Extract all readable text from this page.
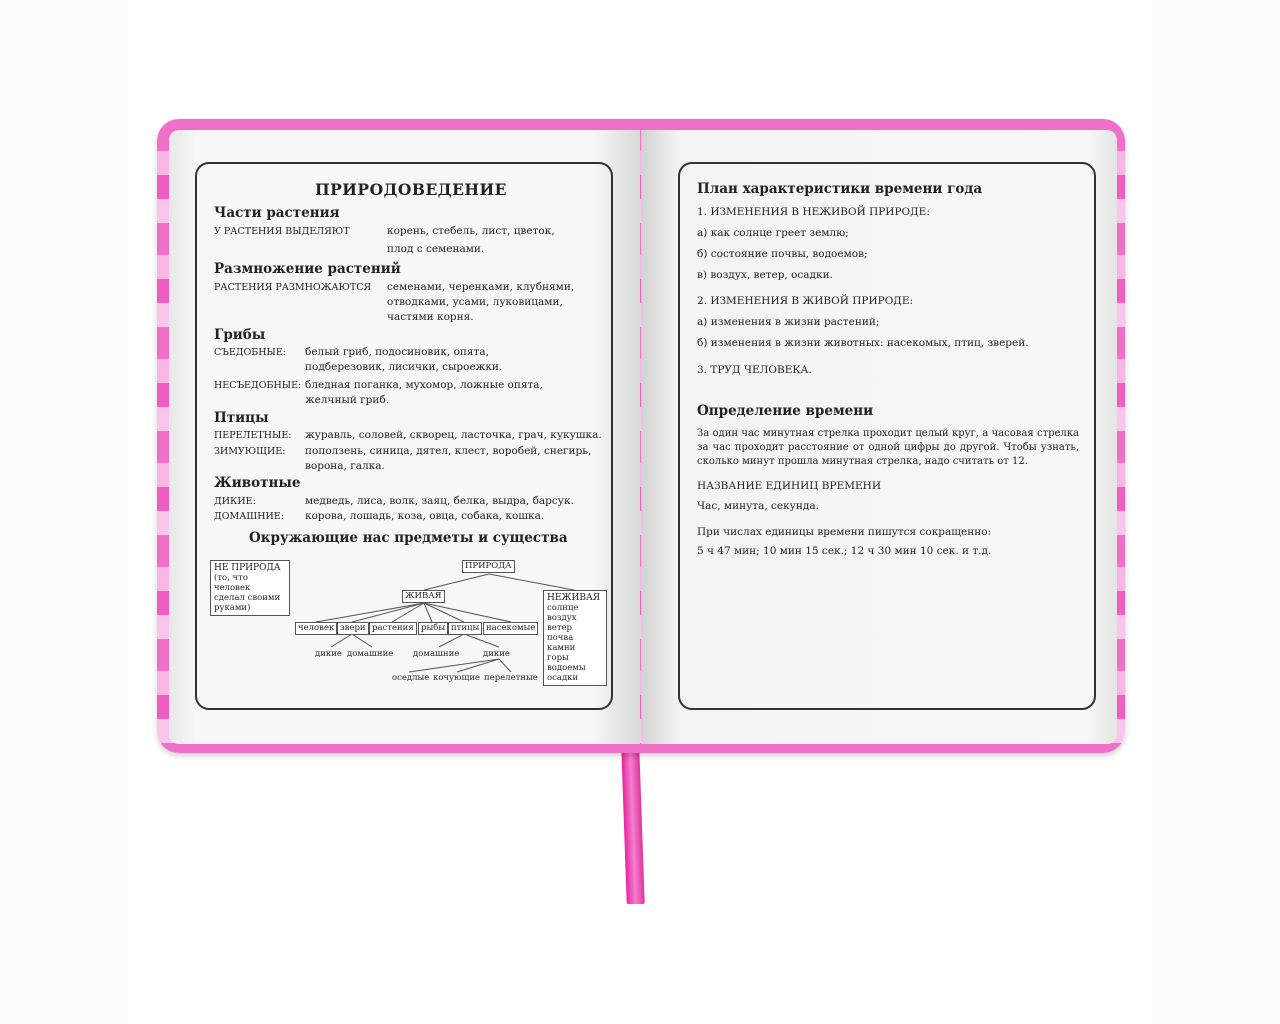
ПРИРОДОВЕДЕНИЕ
Части растения
У РАСТЕНИЯ ВЫДЕЛЯЮТ	корень, стебель, лист, цветок,
плод с семенами.
Размножение растений
РАСТЕНИЯ РАЗМНОЖАЮТСЯ семенами, черенками, клубнями,
отводками, усами, луковицами,
частями корня.
Грибы
СЪЕДОБНЫЕ: белый гриб, подосиновик, опята,
подберезовик, лисички, сыроежки.
НЕСЪЕДОБНЫЕ: бледная поганка, мухомор, ложные опята,
желчный гриб.
Птицы
ПЕРЕЛЕТНЫЕ: журавль, соловей, скворец, ласточка, грач, кукушка.
ЗИМУЮЩИЕ: поползень, синица, дятел, клест, воробей, снегирь,
ворона, галка.
Животные
ДИКИЕ:	медведь, лиса, волк, заяц, белка, выдра, барсук.
ДОМАШНИЕ: корова, лошадь, коза, овца, собака, кошка.
Окружающие нас предметы и существа
НЕ ПРИРОДА
(то, что человек
сделал своими
руками)
ПРИРОДА
ЖИВАЯ	НЕЖИВАЯ
солнце
воздух
ветер
почва
камни
горы
водоемы
осадки
человек звери растения рыбы птицы насекомые
дикие домашние домашние	дикие
оседлые кочующие перелетные
План характеристики времени года
1. ИЗМЕНЕНИЯ В НЕЖИВОЙ ПРИРОДЕ:
а) как солнце греет землю;
б) состояние почвы, водоемов;
в) воздух, ветер, осадки.
2. ИЗМЕНЕНИЯ В ЖИВОЙ ПРИРОДЕ:
а) изменения в жизни растений;
б) изменения в жизни животных: насекомых, птиц, зверей.
3. ТРУД ЧЕЛОВЕКА.
Определение времени
За один час минутная стрелка проходит целый круг, а часовая стрелка за час проходит расстояние от одной цифры до другой. Чтобы узнать, сколько минут прошла минутная стрелка, надо считать от 12.
НАЗВАНИЕ ЕДИНИЦ ВРЕМЕНИ
Час, минута, секунда.
При числах единицы времени пишутся сокращенно:
5 ч 47 мин; 10 мин 15 сек.; 12 ч 30 мин 10 сек. и т.д.
